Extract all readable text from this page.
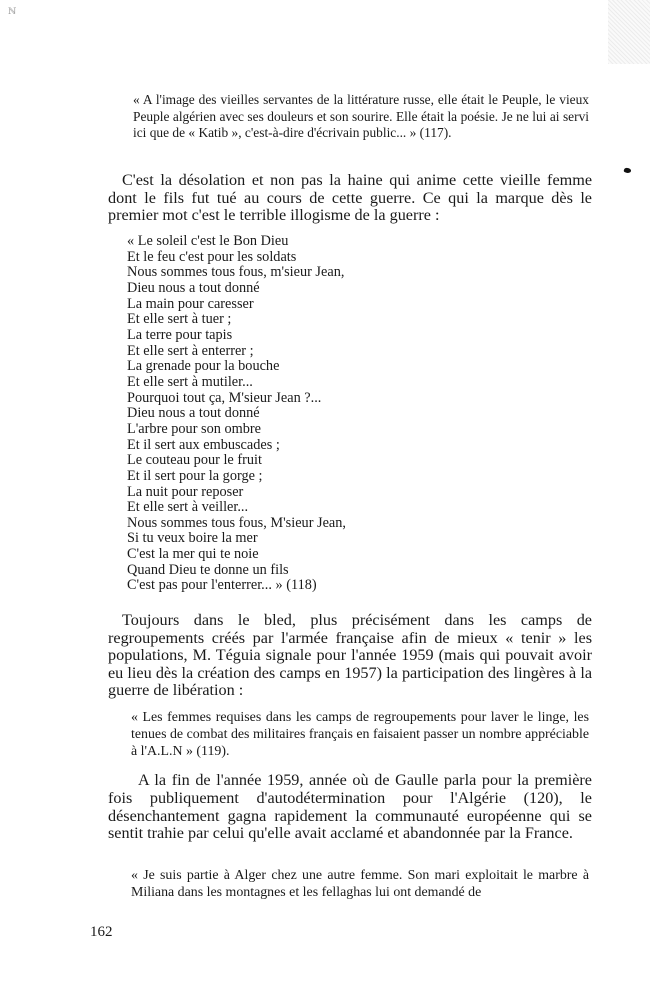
ℕ

« A l'image des vieilles servantes de la littérature russe, elle était le Peuple, le vieux Peuple algérien avec ses douleurs et son sourire. Elle était la poésie. Je ne lui ai servi ici que de « Katib », c'est-à-dire d'écrivain public... » (117).

C'est la désolation et non pas la haine qui anime cette vieille femme dont le fils fut tué au cours de cette guerre. Ce qui la marque dès le premier mot c'est le terrible illogisme de la guerre :

« Le soleil c'est le Bon Dieu
Et le feu c'est pour les soldats
Nous sommes tous fous, m'sieur Jean,
Dieu nous a tout donné
La main pour caresser
Et elle sert à tuer ;
La terre pour tapis
Et elle sert à enterrer ;
La grenade pour la bouche
Et elle sert à mutiler...
Pourquoi tout ça, M'sieur Jean ?...
Dieu nous a tout donné
L'arbre pour son ombre
Et il sert aux embuscades ;
Le couteau pour le fruit
Et il sert pour la gorge ;
La nuit pour reposer
Et elle sert à veiller...
Nous sommes tous fous, M'sieur Jean,
Si tu veux boire la mer
C'est la mer qui te noie
Quand Dieu te donne un fils
C'est pas pour l'enterrer... » (118)

Toujours dans le bled, plus précisément dans les camps de regroupements créés par l'armée française afin de mieux « tenir » les populations, M. Téguia signale pour l'année 1959 (mais qui pouvait avoir eu lieu dès la création des camps en 1957) la participation des lingères à la guerre de libération :

« Les femmes requises dans les camps de regroupements pour laver le linge, les tenues de combat des militaires français en faisaient passer un nombre appréciable à l'A.L.N » (119).

A la fin de l'année 1959, année où de Gaulle parla pour la première fois publiquement d'autodétermination pour l'Algérie (120), le désenchantement gagna rapidement la communauté européenne qui se sentit trahie par celui qu'elle avait acclamé et abandonnée par la France.

« Je suis partie à Alger chez une autre femme. Son mari exploitait le marbre à Miliana dans les montagnes et les fellaghas lui ont demandé de

162
